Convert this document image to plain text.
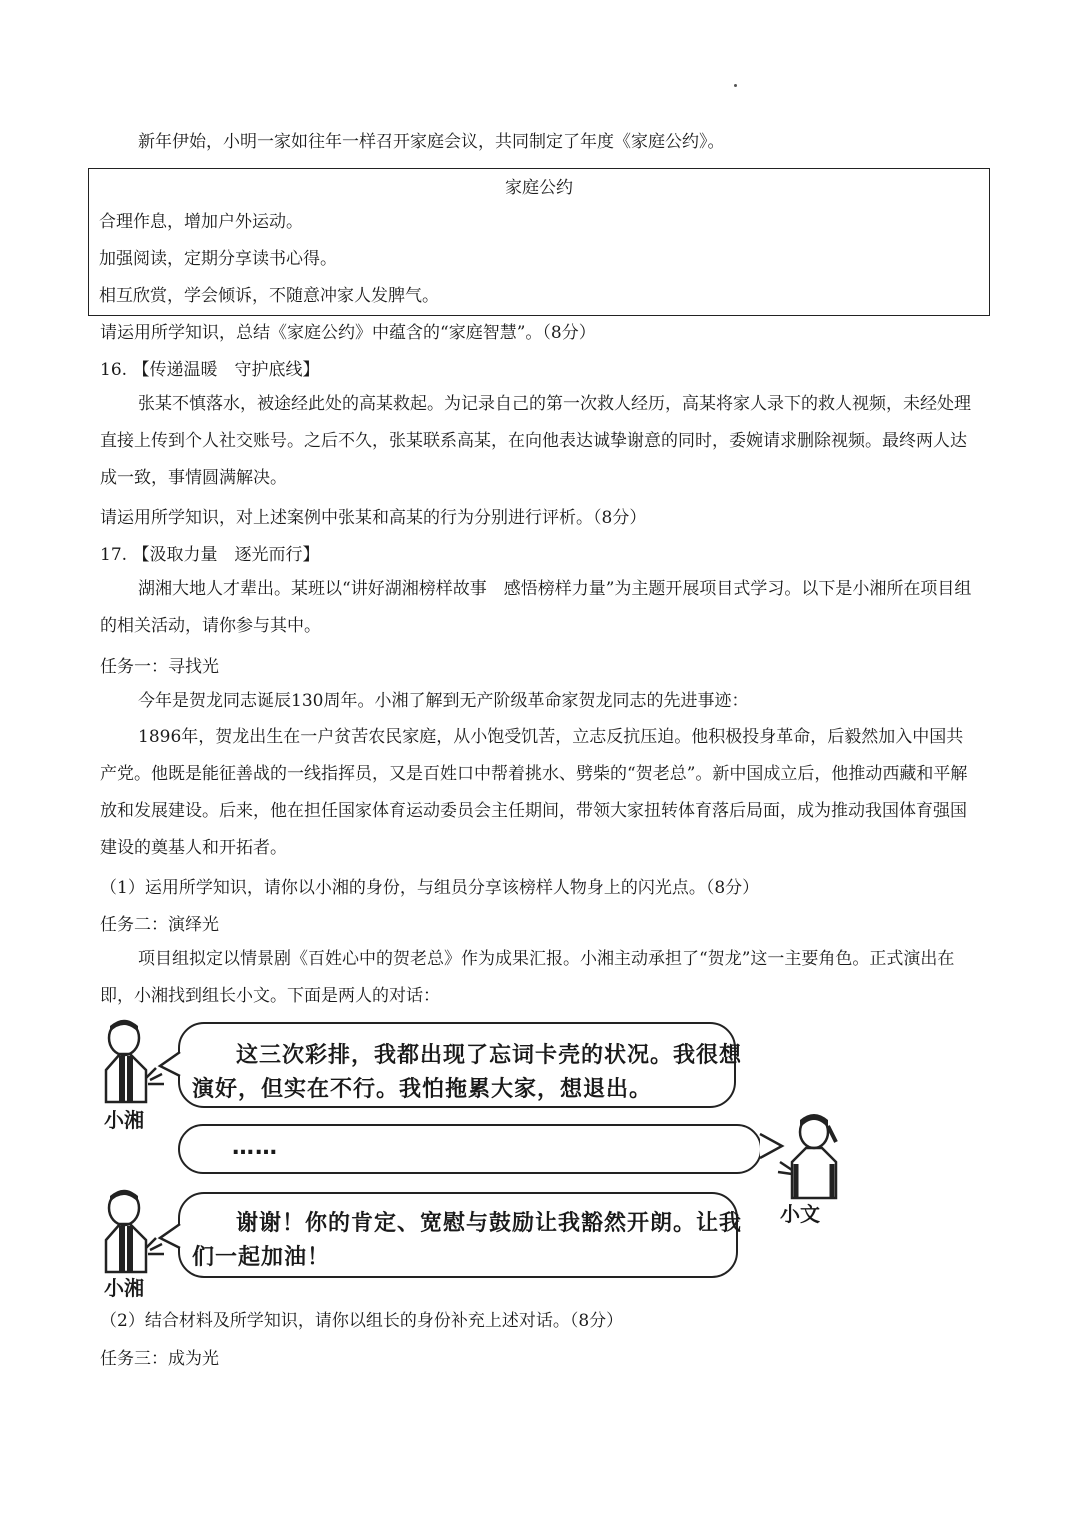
新年伊始，小明一家如往年一样召开家庭会议，共同制定了年度《家庭公约》。
家庭公约
合理作息，增加户外运动。
加强阅读，定期分享读书心得。
相互欣赏，学会倾诉，不随意冲家人发脾气。
请运用所学知识，总结《家庭公约》中蕴含的“家庭智慧”。（8分）
16. 【传递温暖　守护底线】
张某不慎落水，被途经此处的高某救起。为记录自己的第一次救人经历，高某将家人录下的救人视频，未经处理直接上传到个人社交账号。之后不久，张某联系高某，在向他表达诚挚谢意的同时，委婉请求删除视频。最终两人达成一致，事情圆满解决。
请运用所学知识，对上述案例中张某和高某的行为分别进行评析。（8分）
17. 【汲取力量　逐光而行】
湖湘大地人才辈出。某班以“讲好湖湘榜样故事　感悟榜样力量”为主题开展项目式学习。以下是小湘所在项目组的相关活动，请你参与其中。
任务一：寻找光
今年是贺龙同志诞辰130周年。小湘了解到无产阶级革命家贺龙同志的先进事迹：
1896年，贺龙出生在一户贫苦农民家庭，从小饱受饥苦，立志反抗压迫。他积极投身革命，后毅然加入中国共产党。他既是能征善战的一线指挥员，又是百姓口中帮着挑水、劈柴的“贺老总”。新中国成立后，他推动西藏和平解放和发展建设。后来，他在担任国家体育运动委员会主任期间，带领大家扭转体育落后局面，成为推动我国体育强国建设的奠基人和开拓者。
（1）运用所学知识，请你以小湘的身份，与组员分享该榜样人物身上的闪光点。（8分）
任务二：演绎光
项目组拟定以情景剧《百姓心中的贺老总》作为成果汇报。小湘主动承担了“贺龙”这一主要角色。正式演出在即，小湘找到组长小文。下面是两人的对话：
小湘
这三次彩排，我都出现了忘词卡壳的状况。我很想
演好，但实在不行。我怕拖累大家，想退出。
……
小文
小湘
谢谢！你的肯定、宽慰与鼓励让我豁然开朗。让我
们一起加油！
（2）结合材料及所学知识，请你以组长的身份补充上述对话。（8分）
任务三：成为光
